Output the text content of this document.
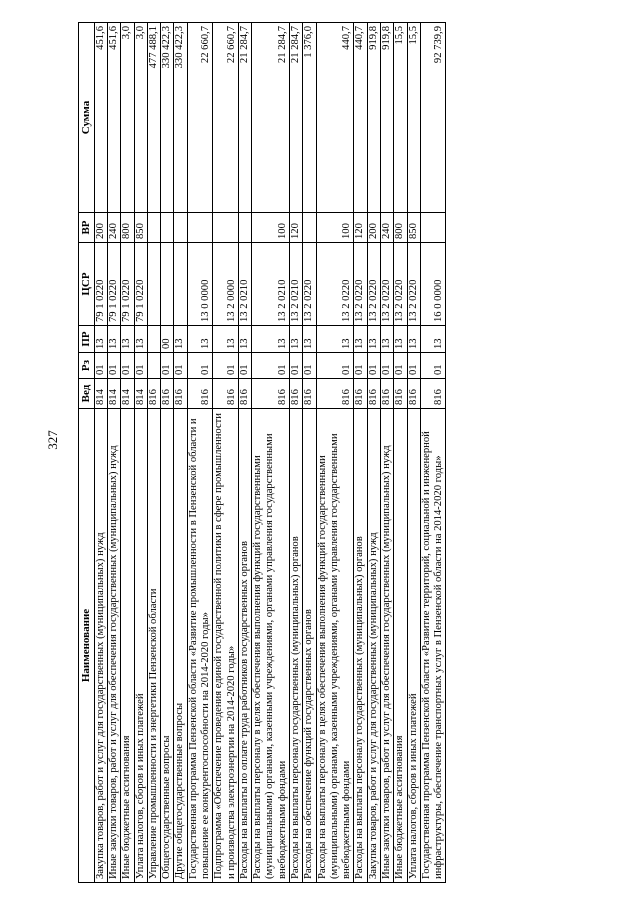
327
Наименование	Вед	Рз	ПР	ЦСР	ВР	Сумма
Закупка товаров, работ и услуг для государственных (муниципальных) нужд	814	01	13	79 1 0220	200	451,6
Иные закупки товаров, работ и услуг для обеспечения государственных (муниципальных) нужд	814	01	13	79 1 0220	240	451,6
Иные бюджетные ассигнования	814	01	13	79 1 0220	800	3,0
Уплата налогов, сборов и иных платежей	814	01	13	79 1 0220	850	3,0
Управление промышленности и энергетики Пензенской области	816					477 488,1
Общегосударственные вопросы	816	01	00			330 422,3
Другие общегосударственные вопросы	816	01	13			330 422,3
Государственная программа Пензенской области «Развитие промышленности в Пензенской области и повышение ее конкурентоспособности на 2014-2020 годы»	816	01	13	13 0 0000		22 660,7
Подпрограмма «Обеспечение проведения единой государственной политики в сфере промышленности и производства электроэнергии на 2014-2020 годы»	816	01	13	13 2 0000		22 660,7
Расходы на выплаты по оплате труда работников государственных органов	816	01	13	13 2 0210		21 284,7
Расходы на выплаты персоналу в целях обеспечения выполнения функций государственными (муниципальными) органами, казенными учреждениями, органами управления государственными внебюджетными фондами	816	01	13	13 2 0210	100	21 284,7
Расходы на выплаты персоналу государственных (муниципальных) органов	816	01	13	13 2 0210	120	21 284,7
Расходы на обеспечение функций государственных органов	816	01	13	13 2 0220		1 376,0
Расходы на выплаты персоналу в целях обеспечения выполнения функций государственными (муниципальными) органами, казенными учреждениями, органами управления государственными внебюджетными фондами	816	01	13	13 2 0220	100	440,7
Расходы на выплаты персоналу государственных (муниципальных) органов	816	01	13	13 2 0220	120	440,7
Закупка товаров, работ и услуг для государственных (муниципальных) нужд	816	01	13	13 2 0220	200	919,8
Иные закупки товаров, работ и услуг для обеспечения государственных (муниципальных) нужд	816	01	13	13 2 0220	240	919,8
Иные бюджетные ассигнования	816	01	13	13 2 0220	800	15,5
Уплата налогов, сборов и иных платежей	816	01	13	13 2 0220	850	15,5
Государственная программа Пензенской области «Развитие территорий, социальной и инженерной инфраструктуры, обеспечение транспортных услуг в Пензенской области на 2014-2020 годы»	816	01	13	16 0 0000		92 739,9
